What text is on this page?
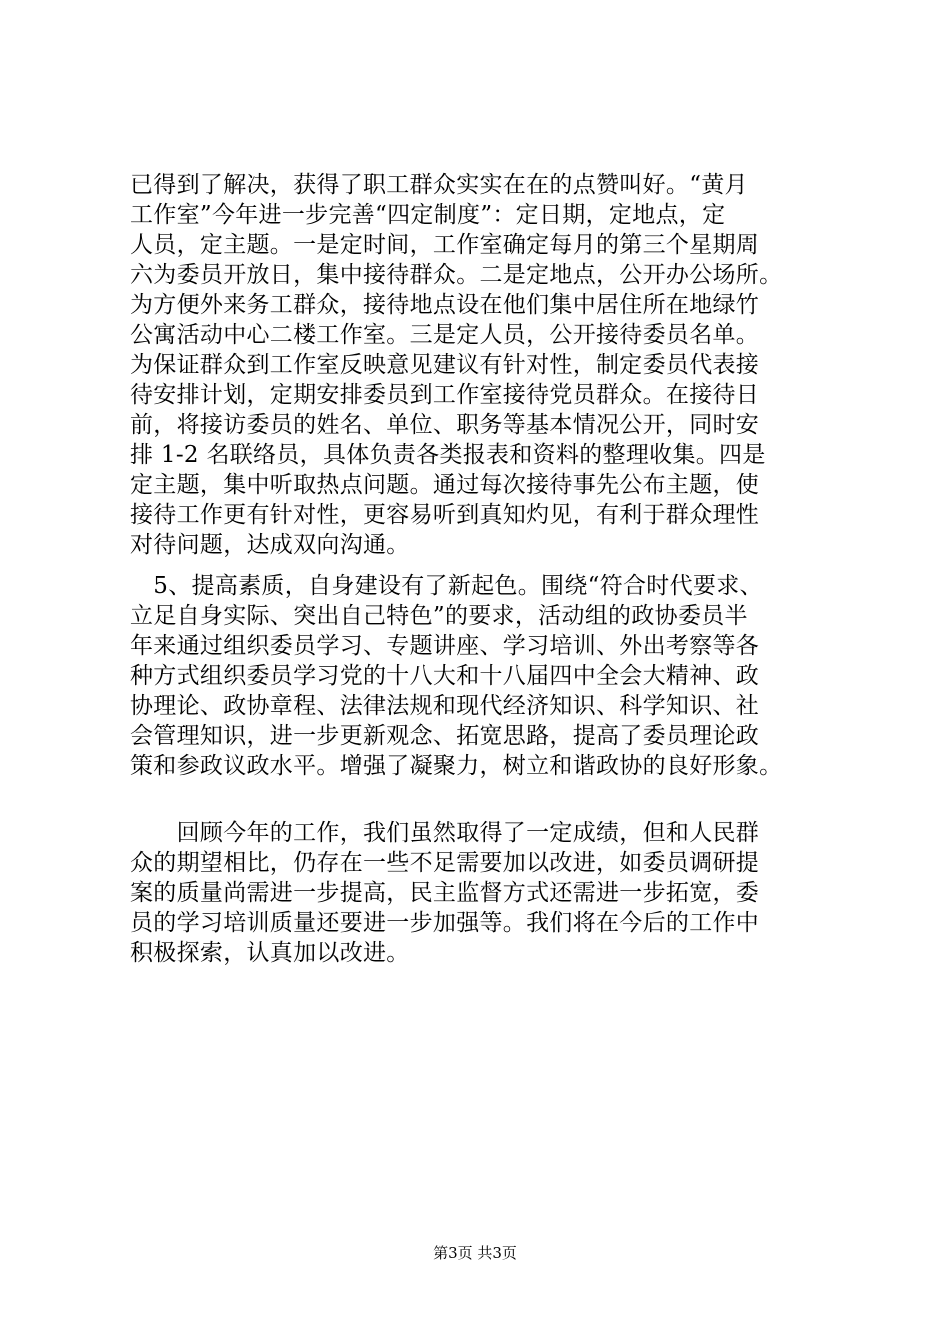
已得到了解决，获得了职工群众实实在在的点赞叫好。“黄月
工作室”今年进一步完善“四定制度”：定日期，定地点，定
人员，定主题。一是定时间，工作室确定每月的第三个星期周
六为委员开放日，集中接待群众。二是定地点，公开办公场所。
为方便外来务工群众，接待地点设在他们集中居住所在地绿竹
公寓活动中心二楼工作室。三是定人员，公开接待委员名单。
为保证群众到工作室反映意见建议有针对性，制定委员代表接
待安排计划，定期安排委员到工作室接待党员群众。在接待日
前，将接访委员的姓名、单位、职务等基本情况公开，同时安
排 1-2 名联络员，具体负责各类报表和资料的整理收集。四是
定主题，集中听取热点问题。通过每次接待事先公布主题，使
接待工作更有针对性，更容易听到真知灼见，有利于群众理性
对待问题，达成双向沟通。
　5、提高素质，自身建设有了新起色。围绕“符合时代要求、
立足自身实际、突出自己特色”的要求，活动组的政协委员半
年来通过组织委员学习、专题讲座、学习培训、外出考察等各
种方式组织委员学习党的十八大和十八届四中全会大精神、政
协理论、政协章程、法律法规和现代经济知识、科学知识、社
会管理知识，进一步更新观念、拓宽思路，提高了委员理论政
策和参政议政水平。增强了凝聚力，树立和谐政协的良好形象。
　　回顾今年的工作，我们虽然取得了一定成绩，但和人民群
众的期望相比，仍存在一些不足需要加以改进，如委员调研提
案的质量尚需进一步提高，民主监督方式还需进一步拓宽，委
员的学习培训质量还要进一步加强等。我们将在今后的工作中
积极探索，认真加以改进。
第3页 共3页
